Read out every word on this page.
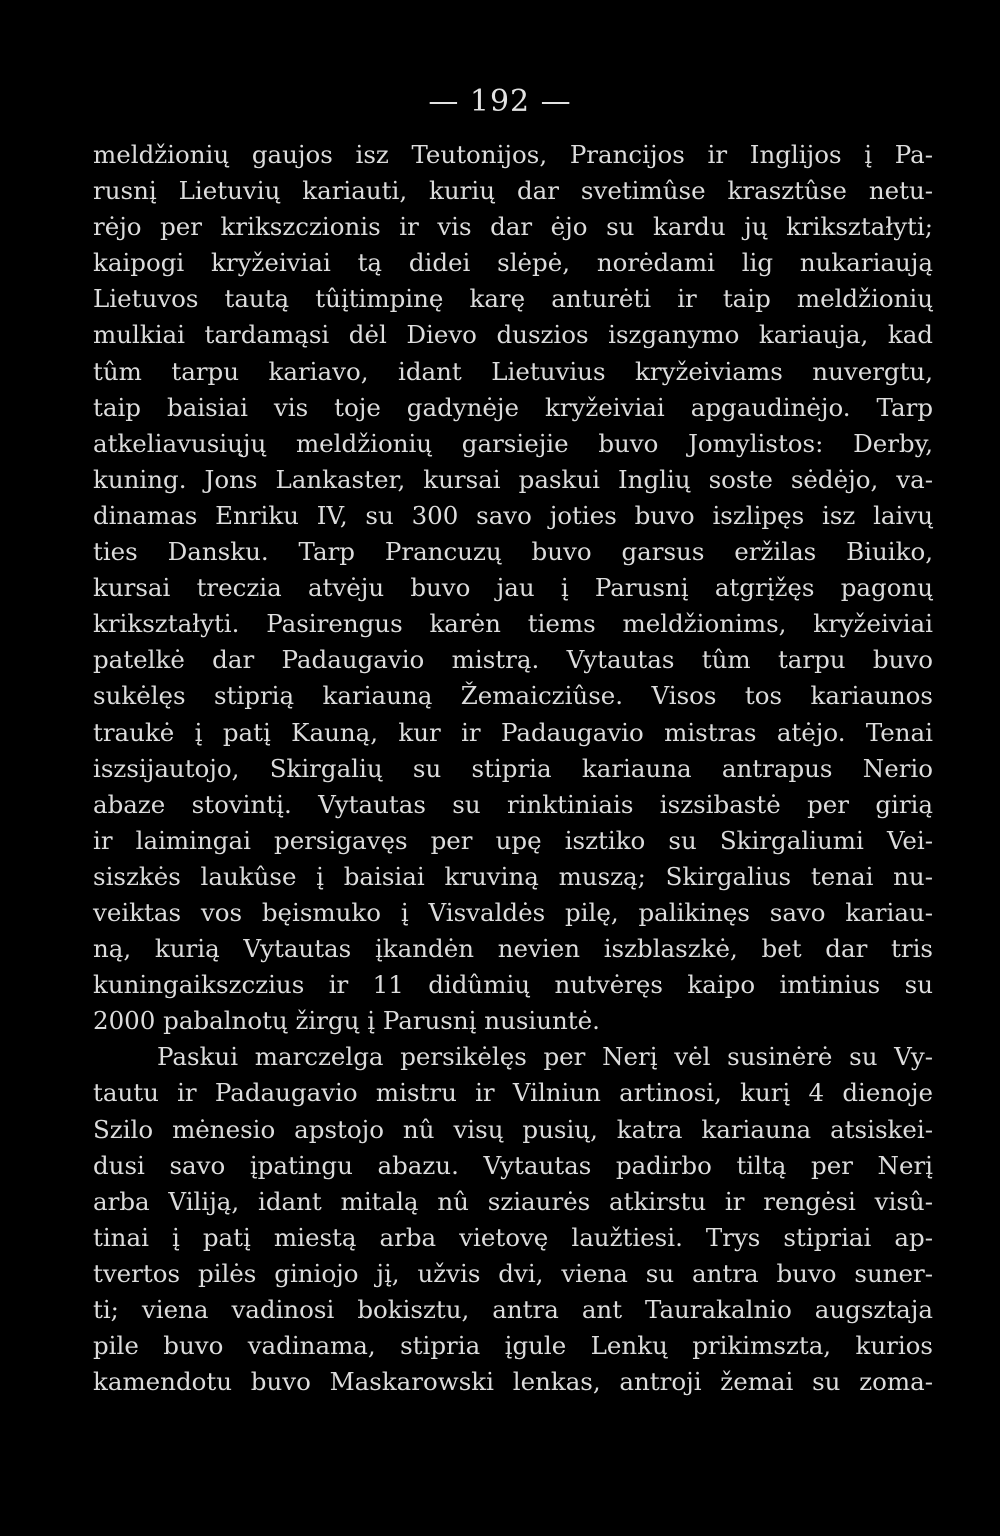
— 192 —
meldžionių gaujos isz Teutonijos, Prancijos ir Inglijos į Pa-
rusnį Lietuvių kariauti, kurių dar svetimûse krasztûse netu-
rėjo per krikszczionis ir vis dar ėjo su kardu jų krikształyti;
kaipogi kryžeiviai tą didei slėpė, norėdami lig nukariaują
Lietuvos tautą tûįtimpinę karę anturėti ir taip meldžionių
mulkiai tardamąsi dėl Dievo duszios iszganymo kariauja, kad
tûm tarpu kariavo, idant Lietuvius kryžeiviams nuvergtu,
taip baisiai vis toje gadynėje kryžeiviai apgaudinėjo. Tarp
atkeliavusiųjų meldžionių garsiejie buvo Jomylistos: Derby,
kuning. Jons Lankaster, kursai paskui Inglių soste sėdėjo, va-
dinamas Enriku IV, su 300 savo joties buvo iszlipęs isz laivų
ties Dansku. Tarp Prancuzų buvo garsus eržilas Biuiko,
kursai treczia atvėju buvo jau į Parusnį atgrįžęs pagonų
krikształyti. Pasirengus karėn tiems meldžionims, kryžeiviai
patelkė dar Padaugavio mistrą. Vytautas tûm tarpu buvo
sukėlęs stiprią kariauną Žemaicziûse. Visos tos kariaunos
traukė į patį Kauną, kur ir Padaugavio mistras atėjo. Tenai
iszsijautojo, Skirgalių su stipria kariauna antrapus Nerio
abaze stovintį. Vytautas su rinktiniais iszsibastė per girią
ir laimingai persigavęs per upę isztiko su Skirgaliumi Vei-
siszkės laukûse į baisiai kruviną muszą; Skirgalius tenai nu-
veiktas vos bęismuko į Visvaldės pilę, palikinęs savo kariau-
ną, kurią Vytautas įkandėn nevien iszblaszkė, bet dar tris
kuningaikszczius ir 11 didûmių nutvėręs kaipo imtinius su
2000 pabalnotų žirgų į Parusnį nusiuntė.
Paskui marczelga persikėlęs per Nerį vėl susinėrė su Vy-
tautu ir Padaugavio mistru ir Vilniun artinosi, kurį 4 dienoje
Szilo mėnesio apstojo nû visų pusių, katra kariauna atsiskei-
dusi savo įpatingu abazu. Vytautas padirbo tiltą per Nerį
arba Viliją, idant mitalą nû sziaurės atkirstu ir rengėsi visû-
tinai į patį miestą arba vietovę laužtiesi. Trys stipriai ap-
tvertos pilės giniojo jį, užvis dvi, viena su antra buvo suner-
ti; viena vadinosi bokisztu, antra ant Taurakalnio augsztaja
pile buvo vadinama, stipria įgule Lenkų prikimszta, kurios
kamendotu buvo Maskarowski lenkas, antroji žemai su zoma-
